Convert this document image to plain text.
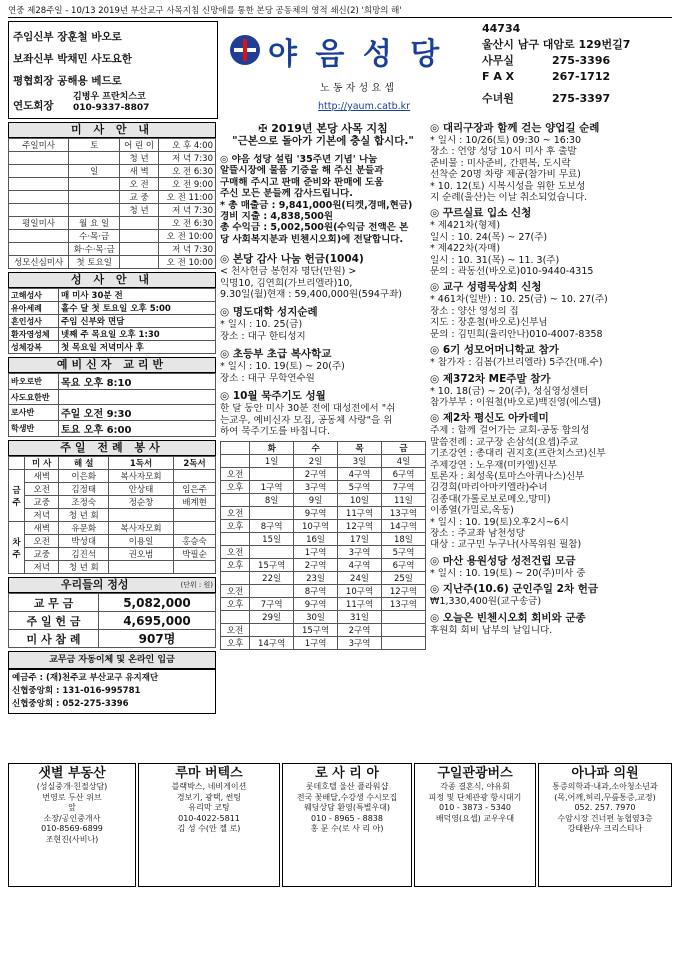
연중 제28주일 - 10/13 2019년 부산교구 사목지침 신망애를 통한 본당 공동체의 영적 쇄신(2) '희망의 해'
주임신부 장훈철 바오로
보좌신부 박채민 사도요한
평협회장 공해용 베드로
연도회장
김병우 프란치스코
010-9337-8807
야 음 성 당
노 동 자 성 요 셉
http://yaum.catb.kr
44734
울산시 남구 대암로 129번길7
사무실	275-3396
F A X	267-1712
수녀원	275-3397
미 사 안 내
주일미사	토	어 린 이	오 후 4:00
		청 년	저 녁 7:30
	일	새 벽	오 전 6:30
		오 전	오 전 9:00
		교 중	오 전 11:00
		청 년	저 녁 7:30
평일미사	월 요 일		오 전 6:30
	수·목·금		오 전 10:00
	화·수·목·금		저 녁 7:30
성모신심미사	첫 토요일		오 전 10:00
성 사 안 내
고해성사	매 미사 30분 전
유아세례	홀수 달 첫 토요일 오후 5:00
혼인성사	주임 신부와 면담
환자영성체	넷째 주 목요일 오후 1:30
성체강복	첫 목요일 저녁미사 후
예비신자 교리반
바오로반	목요 오후 8:10
사도요한반	
로사반	주일 오전 9:30
학생반	토요 오후 6:00
주일 전례 봉사
	미 사	해 설	1독서	2독서
금주	새벽	이은화	복사자모회	
	오전	김정태	안상태	임은주
	교중	조정숙	정순창	배계현
	저녁	청 년 회		
차주	새벽	유문화	복사자모회	
	오전	박성대	이용일	홍승숙
	교중	김진석	권오범	박필순
	저녁	청 년 회		
우리들의 정성	(단위 : 원)
교 무 금	5,082,000
주 일 헌 금	4,695,000
미 사 참 례	907명
교무금 자동이체 및 온라인 입금
예금주 : (재)천주교 부산교구 유지재단
신협중앙회 : 131-016-995781
신협중앙회 : 052-275-3396
✠ 2019년 본당 사목 지침
"근본으로 돌아가 기본에 충실 합시다."
◎ 야음 성당 설립 '35주년 기념' 나눔
알뜰시장에 물품 기증을 해 주신 분들과
구매해 주시고 판매 준비와 판매에 도움
주신 모든 분들께 감사드립니다.
* 총 매출금 : 9,841,000원(티켓,경매,현금)
경비 지출 : 4,838,500원
총 수익금 : 5,002,500원(수익금 전액은 본
당 사회복지분과 빈첸시오회)에 전달합니다.
◎ 본당 감사 나눔 헌금(1004)
< 천사헌금 봉헌자 명단(만원) >
익명10, 김연희(가브리엘라)10,
9.30일(월)현재 : 59,400,000원(594구좌)
◎ 명도대학 성지순례
* 일시 : 10. 25(금)
장소 : 대구 한티성지
◎ 초등부 초급 복사학교
* 일시 : 10. 19(토) ~ 20(주)
장소 : 대구 무학연수원
◎ 10월 묵주기도 성월
한 달 동안 미사 30분 전에 대성전에서 "쉬
는교우, 예비신자 모집, 공동체 사랑"을 위
하여 묵주기도를 바칩니다.
	화	수	목	금
	1일	2일	3일	4일
오전		2구역	4구역	6구역
오후	1구역	3구역	5구역	7구역
	8일	9일	10일	11일
오전		9구역	11구역	13구역
오후	8구역	10구역	12구역	14구역
	15일	16일	17일	18일
오전		1구역	3구역	5구역
오후	15구역	2구역	4구역	6구역
	22일	23일	24일	25일
오전		8구역	10구역	12구역
오후	7구역	9구역	11구역	13구역
	29일	30일	31일	
오전		15구역	2구역	
오후	14구역	1구역	3구역	
◎ 대리구장과 함께 걷는 양업길 순례
* 일시 : 10/26(토) 09:30 ~ 16:30
장소 : 언양 성당 10시 미사 후 출발
준비물 : 미사준비, 간편복, 도시락
선착순 20명 차량 제공(참가비 무료)
* 10. 12(토) 시복시성을 위한 도보성
지 순례(울산)는 이날 취소되었습니다.
◎ 꾸르실료 입소 신청
* 제421차(형제)
일시 : 10. 24(목) ~ 27(주)
* 제422차(자매)
일시 : 10. 31(목) ~ 11. 3(주)
문의 : 곽동선(바오로)010-9440-4315
◎ 교구 성령묵상회 신청
* 461차(일반) : 10. 25(금) ~ 10. 27(주)
장소 : 양산 영성의 집
지도 : 장훈철(바오로)신부님
문의 : 김민희(율리안나)010-4007-8358
◎ 6기 성모어머니학교 참가
* 참가자 : 김봄(가브리엘라) 5주간(매.수)
◎ 제372차 ME주말 참가
* 10. 18(금) ~ 20(주), 성심영성센터
참가부부 : 이원철(바오로)백진영(에스텔)
◎ 제2차 평신도 아카데미
주제 : 함께 걸어가는 교회-공동 합의성
말씀전례 : 교구장 손삼석(요셉)주교
기조강연 : 총대리 권지호(프란치스코)신부
주제강연 : 노우재(미카엘)신부
토론자 : 최성욱(토마스아퀴나스)신부
김경희(마리아마키엘라)수녀
김종대(가롤로보로메오,망미)
이종열(가밀로,옥동)
* 일시 : 10. 19(토)오후2시~6시
장소 : 주교좌 남천성당
대상 : 교구민 누구나(사목위원 필참)
◎ 마산 용원성당 성전건립 모금
* 일시 : 10. 19(토) ~ 20(주)미사 중
◎ 지난주(10.6) 군인주일 2차 헌금
₩1,330,400원(교구송금)
◎ 오늘은 빈첸시오회 회비와 군종
후원회 회비 납부의 날입니다.
샛별 부동산
(성실중개·친절상담)
번영로 두산 위브
앞
소장/공인중개사
010-8569-6899
조현진(사비나)
루마 버텍스
블랙박스, 네비게이션
경보기, 광택, 썬팅
유리막 코팅
010-4022-5811
김 성 수(안 젤 로)
로 사 리 아
롯데호텔 울산 플라워샵
전국 꽃배달,수강생 수시모집
웨딩상담 환영(특별우대)
010 - 8965 - 8838
홍 문 수(로 사 리 아)
구일관광버스
각종 결혼식, 야유회
피정 및 단체관광 항시대기
010 - 3873 - 5340
배덕영(요셉) 교우우대
아나파 의원
통증의학과·내과,소아청소년과
(목,어깨,허리,무릎통증,교정)
052. 257. 7970
수암시장 건너편 농협옆3층
강태완/우 크리스티나
